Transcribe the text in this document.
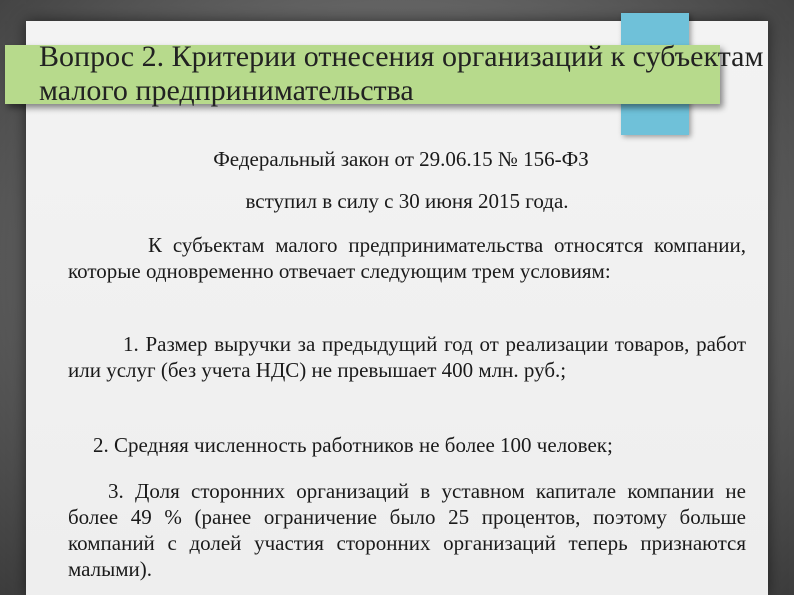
Вопрос 2. Критерии отнесения организаций к субъектам малого предпринимательства

Федеральный закон от 29.06.15 № 156-ФЗ

вступил в силу с 30 июня 2015 года.

К субъектам малого предпринимательства относятся компании, которые одновременно отвечает следующим трем условиям:

1. Размер выручки за предыдущий год от реализации товаров, работ или услуг (без учета НДС) не превышает 400 млн. руб.;

2. Средняя численность работников не более 100 человек;

3. Доля сторонних организаций в уставном капитале компании не более 49 % (ранее ограничение было 25 процентов, поэтому больше компаний с долей участия сторонних организаций теперь признаются малыми).
